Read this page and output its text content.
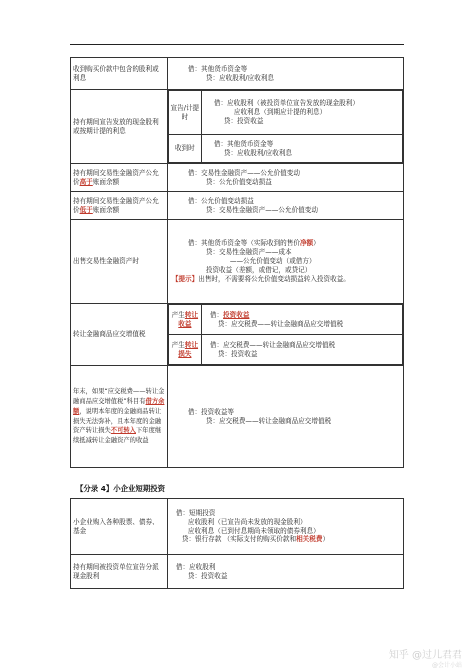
收到购买价款中包含的股利或利息	
借：其他货币资金等
贷：应收股利/应收利息

持有期间宣告发放的现金股利或按期计提的利息	
宣告/计提时	
借：应收股利（被投资单位宣告发放的现金股利）
应收利息（到期应计提的利息）
贷：投资收益

收到时	
借：其他货币资金等
贷：应收股利/应收利息

持有期间交易性金融资产公允价高于账面余额	
借：交易性金融资产——公允价值变动
贷：公允价值变动损益

持有期间交易性金融资产公允价低于账面余额	
借：公允价值变动损益
贷：交易性金融资产——公允价值变动

出售交易性金融资产时	
借：其他货币资金等（实际收到的售价净额）
贷：交易性金融资产——成本
——公允价值变动（或借方）
投资收益（差额，或借记，或贷记）
【提示】出售时，不需要将公允价值变动损益转入投资收益。

转让金融商品应交增值税	
产生转让收益	
借：投资收益
贷：应交税费——转让金融商品应交增值税

产生转让损失	
借：应交税费——转让金融商品应交增值税
贷：投资收益

年末，如果“应交税费——转让金融商品应交增值税”科目有借方余额，说明本年度的金融商品转让损失无法弥补，且本年度的金融资产转让损失不可转入下年度继续抵减转让金融资产的收益	
借：投资收益等
贷：应交税费——转让金融商品应交增值税
【分录 4】小企业短期投资
小企业购入各种股票、债券、基金	借：短期投资
应收股利（已宣告尚未发放的现金股利）
应收利息（已到付息期尚未领取的债券利息）
贷：银行存款 （实际支付的购买价款和相关税费）

持有期间被投资单位宣告分派现金股利	借：应收股利
贷：投资收益
知乎 @过儿君君
@会计小站
